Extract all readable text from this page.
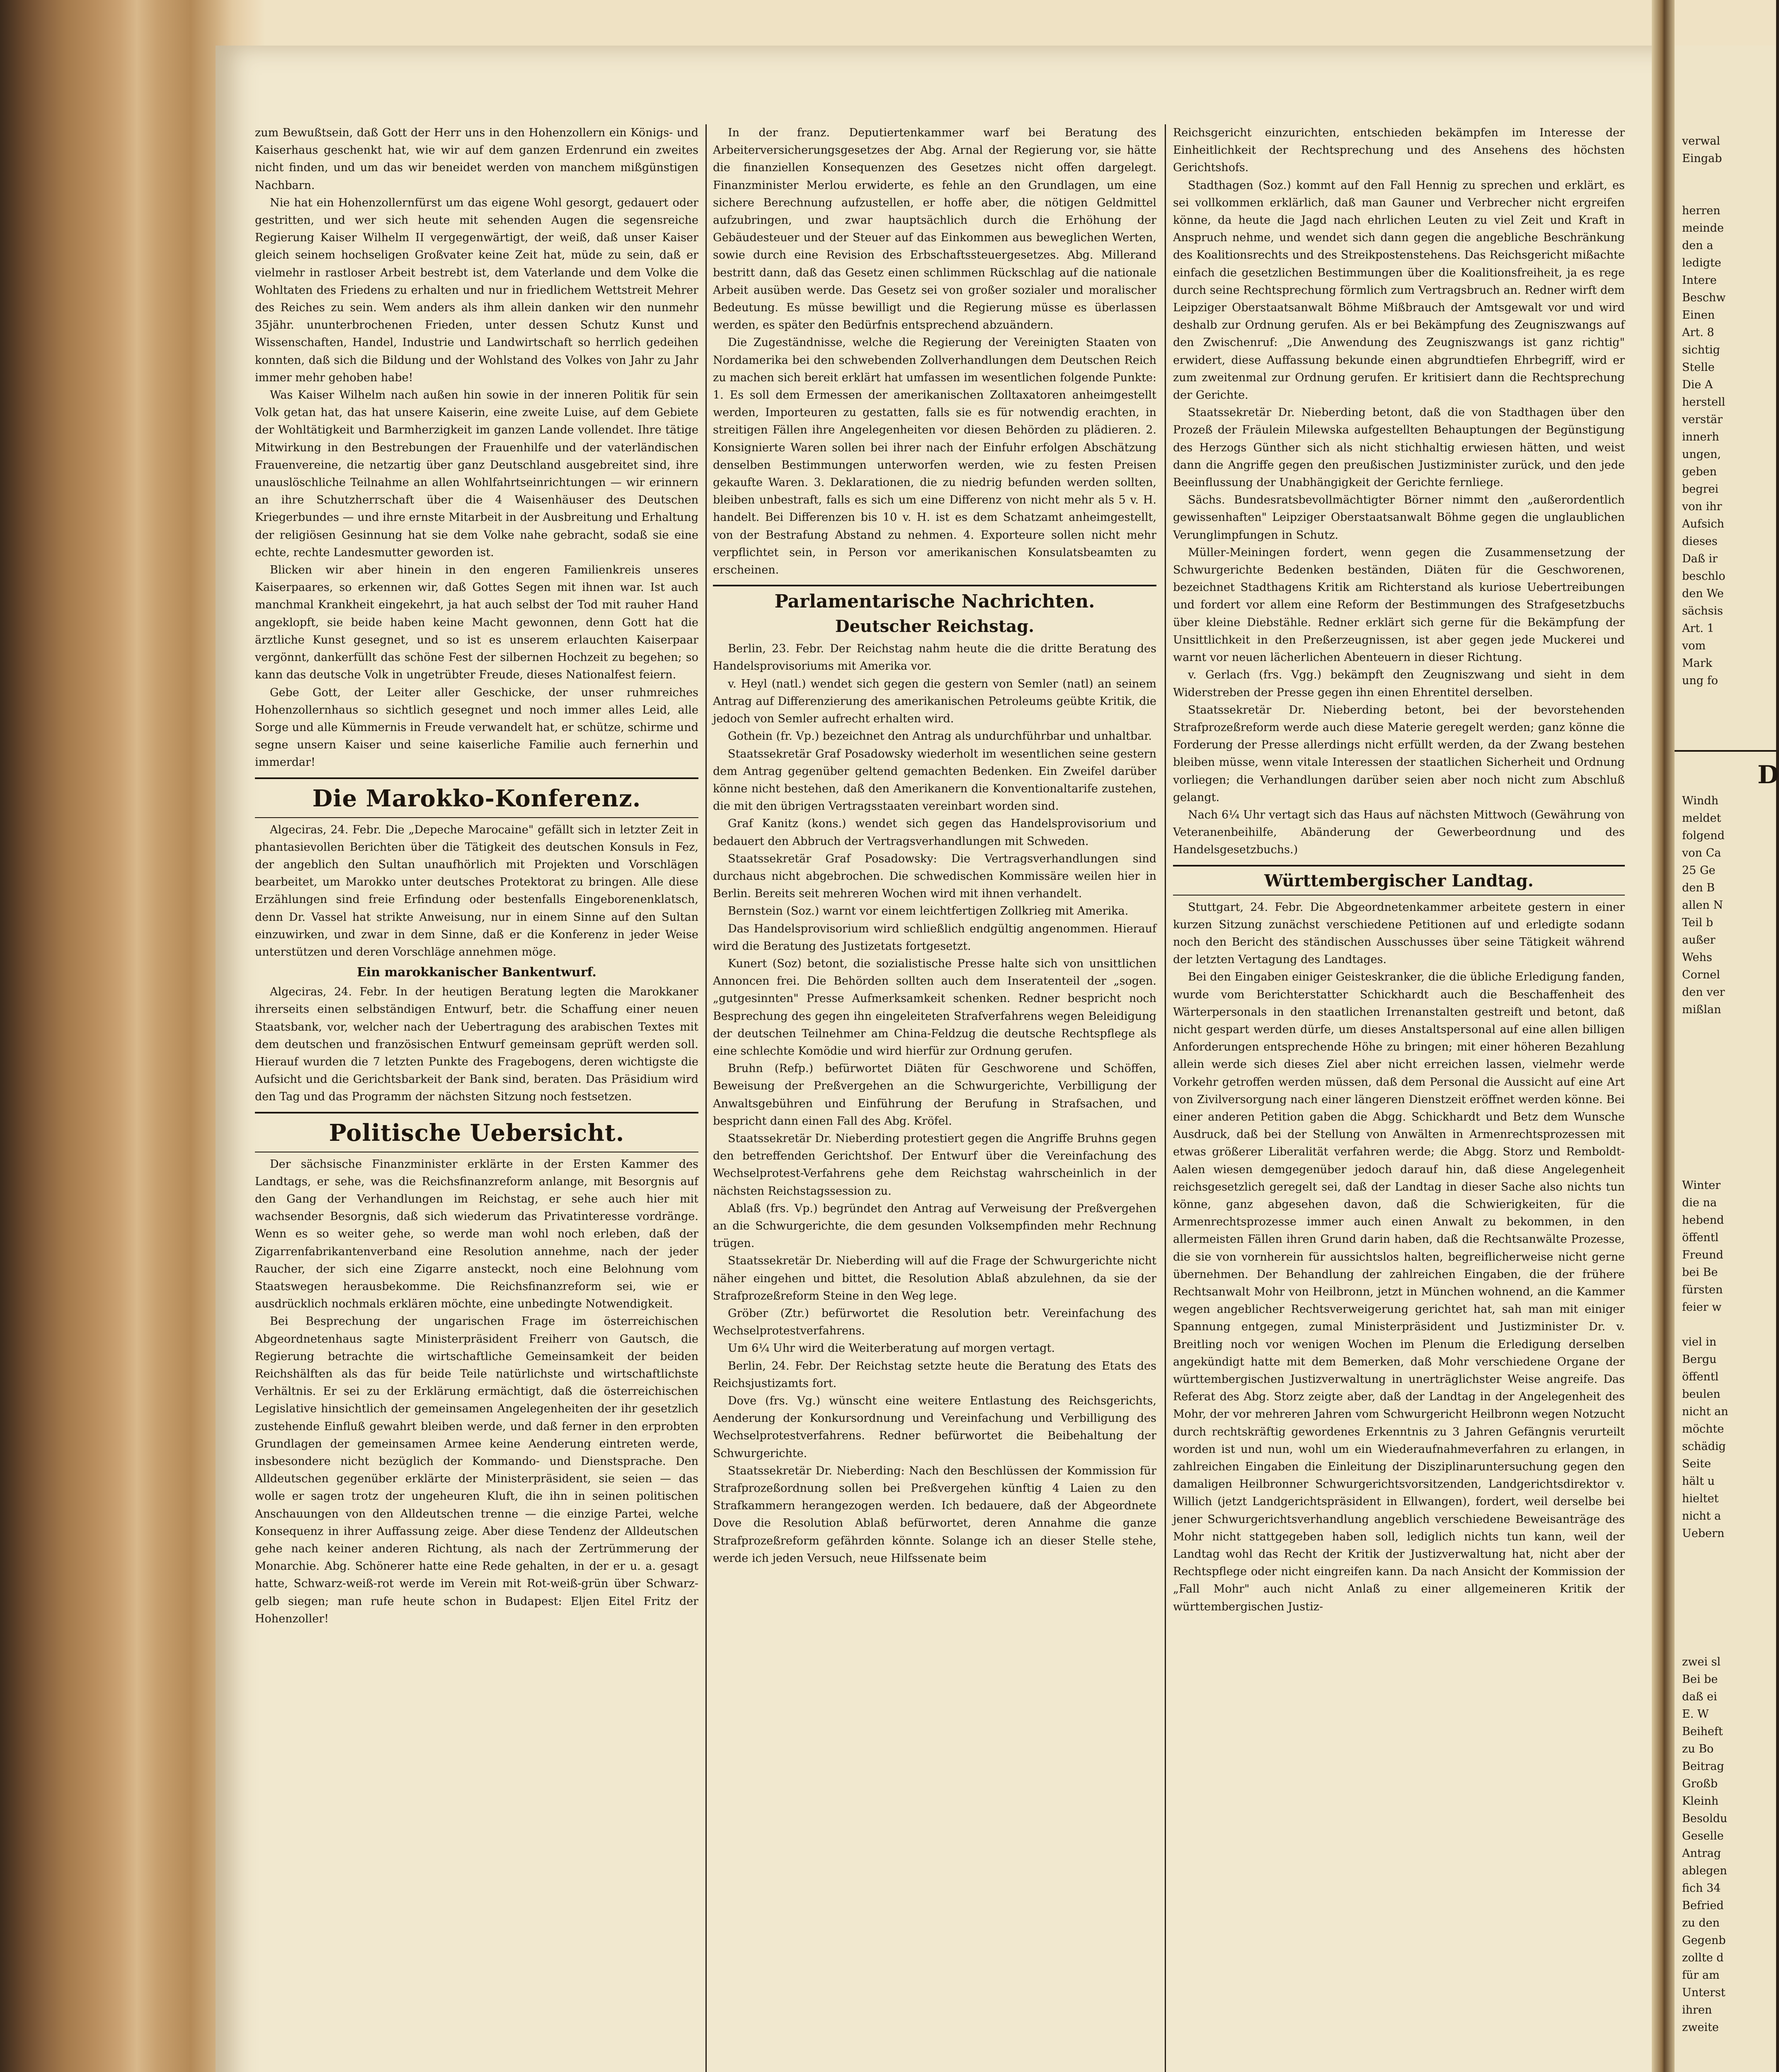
zum Bewußtsein, daß Gott der Herr uns in den Hohenzollern ein Königs- und Kaiserhaus geschenkt hat, wie wir auf dem ganzen Erdenrund ein zweites nicht finden, und um das wir beneidet werden von manchem mißgünstigen Nachbarn.

Nie hat ein Hohenzollernfürst um das eigene Wohl gesorgt, gedauert oder gestritten, und wer sich heute mit sehenden Augen die segensreiche Regierung Kaiser Wilhelm II vergegenwärtigt, der weiß, daß unser Kaiser gleich seinem hochseligen Großvater keine Zeit hat, müde zu sein, daß er vielmehr in rastloser Arbeit bestrebt ist, dem Vaterlande und dem Volke die Wohltaten des Friedens zu erhalten und nur in friedlichem Wettstreit Mehrer des Reiches zu sein. Wem anders als ihm allein danken wir den nunmehr 35jähr. ununterbrochenen Frieden, unter dessen Schutz Kunst und Wissenschaften, Handel, Industrie und Landwirtschaft so herrlich gedeihen konnten, daß sich die Bildung und der Wohlstand des Volkes von Jahr zu Jahr immer mehr gehoben habe!

Was Kaiser Wilhelm nach außen hin sowie in der inneren Politik für sein Volk getan hat, das hat unsere Kaiserin, eine zweite Luise, auf dem Gebiete der Wohltätigkeit und Barmherzigkeit im ganzen Lande vollendet. Ihre tätige Mitwirkung in den Bestrebungen der Frauenhilfe und der vaterländischen Frauenvereine, die netzartig über ganz Deutschland ausgebreitet sind, ihre unauslöschliche Teilnahme an allen Wohlfahrtseinrichtungen — wir erinnern an ihre Schutzherrschaft über die 4 Waisenhäuser des Deutschen Kriegerbundes — und ihre ernste Mitarbeit in der Ausbreitung und Erhaltung der religiösen Gesinnung hat sie dem Volke nahe gebracht, sodaß sie eine echte, rechte Landesmutter geworden ist.

Blicken wir aber hinein in den engeren Familienkreis unseres Kaiserpaares, so erkennen wir, daß Gottes Segen mit ihnen war. Ist auch manchmal Krankheit eingekehrt, ja hat auch selbst der Tod mit rauher Hand angeklopft, sie beide haben keine Macht gewonnen, denn Gott hat die ärztliche Kunst gesegnet, und so ist es unserem erlauchten Kaiserpaar vergönnt, dankerfüllt das schöne Fest der silbernen Hochzeit zu begehen; so kann das deutsche Volk in ungetrübter Freude, dieses Nationalfest feiern.

Gebe Gott, der Leiter aller Geschicke, der unser ruhmreiches Hohenzollernhaus so sichtlich gesegnet und noch immer alles Leid, alle Sorge und alle Kümmernis in Freude verwandelt hat, er schütze, schirme und segne unsern Kaiser und seine kaiserliche Familie auch fernerhin und immerdar!

Die Marokko-Konferenz.

Algeciras, 24. Febr. Die „Depeche Marocaine" gefällt sich in letzter Zeit in phantasievollen Berichten über die Tätigkeit des deutschen Konsuls in Fez, der angeblich den Sultan unaufhörlich mit Projekten und Vorschlägen bearbeitet, um Marokko unter deutsches Protektorat zu bringen. Alle diese Erzählungen sind freie Erfindung oder bestenfalls Eingeborenenklatsch, denn Dr. Vassel hat strikte Anweisung, nur in einem Sinne auf den Sultan einzuwirken, und zwar in dem Sinne, daß er die Konferenz in jeder Weise unterstützen und deren Vorschläge annehmen möge.

Ein marokkanischer Bankentwurf.

Algeciras, 24. Febr. In der heutigen Beratung legten die Marokkaner ihrerseits einen selbständigen Entwurf, betr. die Schaffung einer neuen Staatsbank, vor, welcher nach der Uebertragung des arabischen Textes mit dem deutschen und französischen Entwurf gemeinsam geprüft werden soll. Hierauf wurden die 7 letzten Punkte des Fragebogens, deren wichtigste die Aufsicht und die Gerichtsbarkeit der Bank sind, beraten. Das Präsidium wird den Tag und das Programm der nächsten Sitzung noch festsetzen.

Politische Uebersicht.

Der sächsische Finanzminister erklärte in der Ersten Kammer des Landtags, er sehe, was die Reichsfinanzreform anlange, mit Besorgnis auf den Gang der Verhandlungen im Reichstag, er sehe auch hier mit wachsender Besorgnis, daß sich wiederum das Privatinteresse vordränge. Wenn es so weiter gehe, so werde man wohl noch erleben, daß der Zigarrenfabrikantenverband eine Resolution annehme, nach der jeder Raucher, der sich eine Zigarre ansteckt, noch eine Belohnung vom Staatswegen herausbekomme. Die Reichsfinanzreform sei, wie er ausdrücklich nochmals erklären möchte, eine unbedingte Notwendigkeit.

Bei Besprechung der ungarischen Frage im österreichischen Abgeordnetenhaus sagte Ministerpräsident Freiherr von Gautsch, die Regierung betrachte die wirtschaftliche Gemeinsamkeit der beiden Reichshälften als das für beide Teile natürlichste und wirtschaftlichste Verhältnis. Er sei zu der Erklärung ermächtigt, daß die österreichischen Legislative hinsichtlich der gemeinsamen Angelegenheiten der ihr gesetzlich zustehende Einfluß gewahrt bleiben werde, und daß ferner in den erprobten Grundlagen der gemeinsamen Armee keine Aenderung eintreten werde, insbesondere nicht bezüglich der Kommando- und Dienstsprache. Den Alldeutschen gegenüber erklärte der Ministerpräsident, sie seien — das wolle er sagen trotz der ungeheuren Kluft, die ihn in seinen politischen Anschauungen von den Alldeutschen trenne — die einzige Partei, welche Konsequenz in ihrer Auffassung zeige. Aber diese Tendenz der Alldeutschen gehe nach keiner anderen Richtung, als nach der Zertrümmerung der Monarchie. Abg. Schönerer hatte eine Rede gehalten, in der er u. a. gesagt hatte, Schwarz-weiß-rot werde im Verein mit Rot-weiß-grün über Schwarz-gelb siegen; man rufe heute schon in Budapest: Eljen Eitel Fritz der Hohenzoller!

In der franz. Deputiertenkammer warf bei Beratung des Arbeiterversicherungsgesetzes der Abg. Arnal der Regierung vor, sie hätte die finanziellen Konsequenzen des Gesetzes nicht offen dargelegt. Finanzminister Merlou erwiderte, es fehle an den Grundlagen, um eine sichere Berechnung aufzustellen, er hoffe aber, die nötigen Geldmittel aufzubringen, und zwar hauptsächlich durch die Erhöhung der Gebäudesteuer und der Steuer auf das Einkommen aus beweglichen Werten, sowie durch eine Revision des Erbschaftssteuergesetzes. Abg. Millerand bestritt dann, daß das Gesetz einen schlimmen Rückschlag auf die nationale Arbeit ausüben werde. Das Gesetz sei von großer sozialer und moralischer Bedeutung. Es müsse bewilligt und die Regierung müsse es überlassen werden, es später den Bedürfnis entsprechend abzuändern.

Die Zugeständnisse, welche die Regierung der Vereinigten Staaten von Nordamerika bei den schwebenden Zollverhandlungen dem Deutschen Reich zu machen sich bereit erklärt hat umfassen im wesentlichen folgende Punkte: 1. Es soll dem Ermessen der amerikanischen Zolltaxatoren anheimgestellt werden, Importeuren zu gestatten, falls sie es für notwendig erachten, in streitigen Fällen ihre Angelegenheiten vor diesen Behörden zu plädieren. 2. Konsignierte Waren sollen bei ihrer nach der Einfuhr erfolgen Abschätzung denselben Bestimmungen unterworfen werden, wie zu festen Preisen gekaufte Waren. 3. Deklarationen, die zu niedrig befunden werden sollten, bleiben unbestraft, falls es sich um eine Differenz von nicht mehr als 5 v. H. handelt. Bei Differenzen bis 10 v. H. ist es dem Schatzamt anheimgestellt, von der Bestrafung Abstand zu nehmen. 4. Exporteure sollen nicht mehr verpflichtet sein, in Person vor amerikanischen Konsulatsbeamten zu erscheinen.

Parlamentarische Nachrichten.
Deutscher Reichstag.

Berlin, 23. Febr. Der Reichstag nahm heute die die dritte Beratung des Handelsprovisoriums mit Amerika vor.

v. Heyl (natl.) wendet sich gegen die gestern von Semler (natl) an seinem Antrag auf Differenzierung des amerikanischen Petroleums geübte Kritik, die jedoch von Semler aufrecht erhalten wird.

Gothein (fr. Vp.) bezeichnet den Antrag als undurchführbar und unhaltbar.

Staatssekretär Graf Posadowsky wiederholt im wesentlichen seine gestern dem Antrag gegenüber geltend gemachten Bedenken. Ein Zweifel darüber könne nicht bestehen, daß den Amerikanern die Konventionaltarife zustehen, die mit den übrigen Vertragsstaaten vereinbart worden sind.

Graf Kanitz (kons.) wendet sich gegen das Handelsprovisorium und bedauert den Abbruch der Vertragsverhandlungen mit Schweden.

Staatssekretär Graf Posadowsky: Die Vertragsverhandlungen sind durchaus nicht abgebrochen. Die schwedischen Kommissäre weilen hier in Berlin. Bereits seit mehreren Wochen wird mit ihnen verhandelt.

Bernstein (Soz.) warnt vor einem leichtfertigen Zollkrieg mit Amerika.

Das Handelsprovisorium wird schließlich endgültig angenommen. Hierauf wird die Beratung des Justizetats fortgesetzt.

Kunert (Soz) betont, die sozialistische Presse halte sich von unsittlichen Annoncen frei. Die Behörden sollten auch dem Inseratenteil der „sogen. „gutgesinnten" Presse Aufmerksamkeit schenken. Redner bespricht noch Besprechung des gegen ihn eingeleiteten Strafverfahrens wegen Beleidigung der deutschen Teilnehmer am China-Feldzug die deutsche Rechtspflege als eine schlechte Komödie und wird hierfür zur Ordnung gerufen.

Bruhn (Refp.) befürwortet Diäten für Geschworene und Schöffen, Beweisung der Preßvergehen an die Schwurgerichte, Verbilligung der Anwaltsgebühren und Einführung der Berufung in Strafsachen, und bespricht dann einen Fall des Abg. Kröfel.

Staatssekretär Dr. Nieberding protestiert gegen die Angriffe Bruhns gegen den betreffenden Gerichtshof. Der Entwurf über die Vereinfachung des Wechselprotest-Verfahrens gehe dem Reichstag wahrscheinlich in der nächsten Reichstagssession zu.

Ablaß (frs. Vp.) begründet den Antrag auf Verweisung der Preßvergehen an die Schwurgerichte, die dem gesunden Volksempfinden mehr Rechnung trügen.

Staatssekretär Dr. Nieberding will auf die Frage der Schwurgerichte nicht näher eingehen und bittet, die Resolution Ablaß abzulehnen, da sie der Strafprozeßreform Steine in den Weg lege.

Gröber (Ztr.) befürwortet die Resolution betr. Vereinfachung des Wechselprotestverfahrens.

Um 6¼ Uhr wird die Weiterberatung auf morgen vertagt.

Berlin, 24. Febr. Der Reichstag setzte heute die Beratung des Etats des Reichsjustizamts fort.

Dove (frs. Vg.) wünscht eine weitere Entlastung des Reichsgerichts, Aenderung der Konkursordnung und Vereinfachung und Verbilligung des Wechselprotestverfahrens. Redner befürwortet die Beibehaltung der Schwurgerichte.

Staatssekretär Dr. Nieberding: Nach den Beschlüssen der Kommission für Strafprozeßordnung sollen bei Preßvergehen künftig 4 Laien zu den Strafkammern herangezogen werden. Ich bedauere, daß der Abgeordnete Dove die Resolution Ablaß befürwortet, deren Annahme die ganze Strafprozeßreform gefährden könnte. Solange ich an dieser Stelle stehe, werde ich jeden Versuch, neue Hilfssenate beim

Reichsgericht einzurichten, entschieden bekämpfen im Interesse der Einheitlichkeit der Rechtsprechung und des Ansehens des höchsten Gerichtshofs.

Stadthagen (Soz.) kommt auf den Fall Hennig zu sprechen und erklärt, es sei vollkommen erklärlich, daß man Gauner und Verbrecher nicht ergreifen könne, da heute die Jagd nach ehrlichen Leuten zu viel Zeit und Kraft in Anspruch nehme, und wendet sich dann gegen die angebliche Beschränkung des Koalitionsrechts und des Streikpostenstehens. Das Reichsgericht mißachte einfach die gesetzlichen Bestimmungen über die Koalitionsfreiheit, ja es rege durch seine Rechtsprechung förmlich zum Vertragsbruch an. Redner wirft dem Leipziger Oberstaatsanwalt Böhme Mißbrauch der Amtsgewalt vor und wird deshalb zur Ordnung gerufen. Als er bei Bekämpfung des Zeugniszwangs auf den Zwischenruf: „Die Anwendung des Zeugniszwangs ist ganz richtig" erwidert, diese Auffassung bekunde einen abgrundtiefen Ehrbegriff, wird er zum zweitenmal zur Ordnung gerufen. Er kritisiert dann die Rechtsprechung der Gerichte.

Staatssekretär Dr. Nieberding betont, daß die von Stadthagen über den Prozeß der Fräulein Milewska aufgestellten Behauptungen der Begünstigung des Herzogs Günther sich als nicht stichhaltig erwiesen hätten, und weist dann die Angriffe gegen den preußischen Justizminister zurück, und den jede Beeinflussung der Unabhängigkeit der Gerichte fernliege.

Sächs. Bundesratsbevollmächtigter Börner nimmt den „außerordentlich gewissenhaften" Leipziger Oberstaatsanwalt Böhme gegen die unglaublichen Verunglimpfungen in Schutz.

Müller-Meiningen fordert, wenn gegen die Zusammensetzung der Schwurgerichte Bedenken beständen, Diäten für die Geschworenen, bezeichnet Stadthagens Kritik am Richterstand als kuriose Uebertreibungen und fordert vor allem eine Reform der Bestimmungen des Strafgesetzbuchs über kleine Diebstähle. Redner erklärt sich gerne für die Bekämpfung der Unsittlichkeit in den Preßerzeugnissen, ist aber gegen jede Muckerei und warnt vor neuen lächerlichen Abenteuern in dieser Richtung.

v. Gerlach (frs. Vgg.) bekämpft den Zeugniszwang und sieht in dem Widerstreben der Presse gegen ihn einen Ehrentitel derselben.

Staatssekretär Dr. Nieberding betont, bei der bevorstehenden Strafprozeßreform werde auch diese Materie geregelt werden; ganz könne die Forderung der Presse allerdings nicht erfüllt werden, da der Zwang bestehen bleiben müsse, wenn vitale Interessen der staatlichen Sicherheit und Ordnung vorliegen; die Verhandlungen darüber seien aber noch nicht zum Abschluß gelangt.

Nach 6¼ Uhr vertagt sich das Haus auf nächsten Mittwoch (Gewährung von Veteranenbeihilfe, Abänderung der Gewerbeordnung und des Handelsgesetzbuchs.)

Württembergischer Landtag.

Stuttgart, 24. Febr. Die Abgeordnetenkammer arbeitete gestern in einer kurzen Sitzung zunächst verschiedene Petitionen auf und erledigte sodann noch den Bericht des ständischen Ausschusses über seine Tätigkeit während der letzten Vertagung des Landtages.

Bei den Eingaben einiger Geisteskranker, die die übliche Erledigung fanden, wurde vom Berichterstatter Schickhardt auch die Beschaffenheit des Wärterpersonals in den staatlichen Irrenanstalten gestreift und betont, daß nicht gespart werden dürfe, um dieses Anstaltspersonal auf eine allen billigen Anforderungen entsprechende Höhe zu bringen; mit einer höheren Bezahlung allein werde sich dieses Ziel aber nicht erreichen lassen, vielmehr werde Vorkehr getroffen werden müssen, daß dem Personal die Aussicht auf eine Art von Zivilversorgung nach einer längeren Dienstzeit eröffnet werden könne. Bei einer anderen Petition gaben die Abgg. Schickhardt und Betz dem Wunsche Ausdruck, daß bei der Stellung von Anwälten in Armenrechtsprozessen mit etwas größerer Liberalität verfahren werde; die Abgg. Storz und Remboldt-Aalen wiesen demgegenüber jedoch darauf hin, daß diese Angelegenheit reichsgesetzlich geregelt sei, daß der Landtag in dieser Sache also nichts tun könne, ganz abgesehen davon, daß die Schwierigkeiten, für die Armenrechtsprozesse immer auch einen Anwalt zu bekommen, in den allermeisten Fällen ihren Grund darin haben, daß die Rechtsanwälte Prozesse, die sie von vornherein für aussichtslos halten, begreiflicherweise nicht gerne übernehmen. Der Behandlung der zahlreichen Eingaben, die der frühere Rechtsanwalt Mohr von Heilbronn, jetzt in München wohnend, an die Kammer wegen angeblicher Rechtsverweigerung gerichtet hat, sah man mit einiger Spannung entgegen, zumal Ministerpräsident und Justizminister Dr. v. Breitling noch vor wenigen Wochen im Plenum die Erledigung derselben angekündigt hatte mit dem Bemerken, daß Mohr verschiedene Organe der württembergischen Justizverwaltung in unerträglichster Weise angreife. Das Referat des Abg. Storz zeigte aber, daß der Landtag in der Angelegenheit des Mohr, der vor mehreren Jahren vom Schwurgericht Heilbronn wegen Notzucht durch rechtskräftig gewordenes Erkenntnis zu 3 Jahren Gefängnis verurteilt worden ist und nun, wohl um ein Wiederaufnahmeverfahren zu erlangen, in zahlreichen Eingaben die Einleitung der Disziplinaruntersuchung gegen den damaligen Heilbronner Schwurgerichtsvorsitzenden, Landgerichtsdirektor v. Willich (jetzt Landgerichtspräsident in Ellwangen), fordert, weil derselbe bei jener Schwurgerichtsverhandlung angeblich verschiedene Beweisanträge des Mohr nicht stattgegeben haben soll, lediglich nichts tun kann, weil der Landtag wohl das Recht der Kritik der Justizverwaltung hat, nicht aber der Rechtspflege oder nicht eingreifen kann. Da nach Ansicht der Kommission der „Fall Mohr" auch nicht Anlaß zu einer allgemeineren Kritik der württembergischen Justiz-

verwal
Eingab
herren
meinde
den a
ledigte
Intere
Beschw
Einen
Art. 8
sichtig
Stelle
Die A
herstell
verstär
innerh
ungen,
geben
begrei
von ihr
Aufsich
dieses
Daß ir
beschlo
den We
sächsis
Art. 1
vom
Mark
ung fo
D
Windh
meldet
folgend
von Ca
25 Ge
den B
allen N
Teil b
außer
Wehs
Cornel
den ver
mißlan
Winter
die na
hebend
öffentl
Freund
bei Be
fürsten
feier w
viel in
Bergu
öffentl
beulen
nicht an
möchte
schädig
Seite
hält u
hieltet
nicht a
Uebern
zwei sl
Bei be
daß ei
E. W
Beiheft
zu Bo
Beitrag
Großb
Kleinh
Besoldu
Geselle
Antrag
ablegen
fich 34
Befried
zu den
Gegenb
zollte d
für am
Unterst
ihren
zweite
